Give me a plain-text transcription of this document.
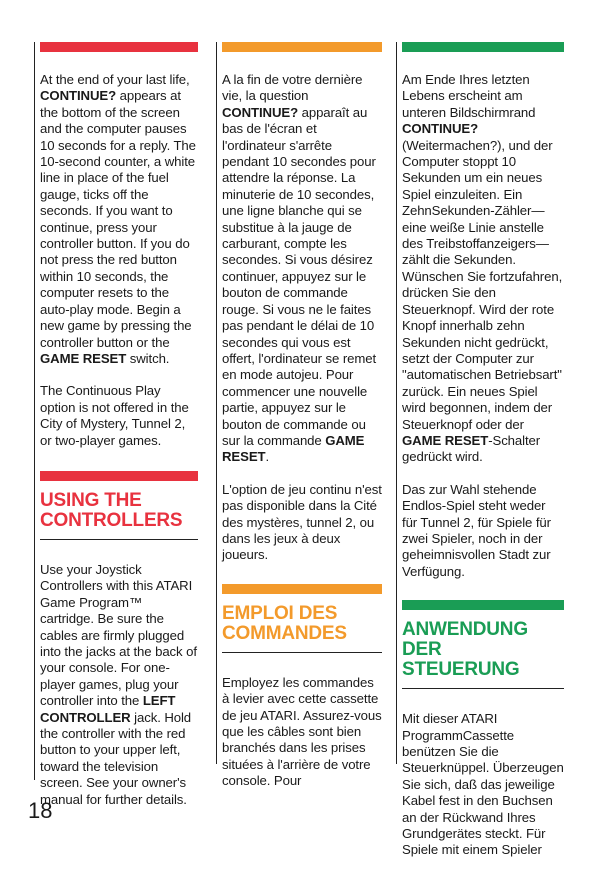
At the end of your last life, CONTINUE? appears at the bottom of the screen and the computer pauses 10 seconds for a reply. The 10-second counter, a white line in place of the fuel gauge, ticks off the seconds. If you want to continue, press your controller button. If you do not press the red button within 10 seconds, the computer resets to the auto-play mode. Begin a new game by pressing the controller button or the GAME RESET switch.

The Continuous Play option is not offered in the City of Mystery, Tunnel 2, or two-player games.

USING THE CONTROLLERS

Use your Joystick Controllers with this ATARI Game Program™ cartridge. Be sure the cables are firmly plugged into the jacks at the back of your console. For one-player games, plug your controller into the LEFT CONTROLLER jack. Hold the controller with the red button to your upper left, toward the television screen. See your owner's manual for further details.

A la fin de votre dernière vie, la question CONTINUE? apparaît au bas de l'écran et l'ordinateur s'arrête pendant 10 secondes pour attendre la réponse. La minuterie de 10 secondes, une ligne blanche qui se substitue à la jauge de carburant, compte les secondes. Si vous désirez continuer, appuyez sur le bouton de commande rouge. Si vous ne le faites pas pendant le délai de 10 secondes qui vous est offert, l'ordinateur se remet en mode autojeu. Pour commencer une nouvelle partie, appuyez sur le bouton de commande ou sur la commande GAME RESET.

L'option de jeu continu n'est pas disponible dans la Cité des mystères, tunnel 2, ou dans les jeux à deux joueurs.

EMPLOI DES COMMANDES

Employez les commandes à levier avec cette cassette de jeu ATARI. Assurez-vous que les câbles sont bien branchés dans les prises situées à l'arrière de votre console. Pour

Am Ende Ihres letzten Lebens erscheint am unteren Bildschirmrand CONTINUE? (Weitermachen?), und der Computer stoppt 10 Sekunden um ein neues Spiel einzuleiten. Ein ZehnSekunden-Zähler—eine weiße Linie anstelle des Treibstoffanzeigers—zählt die Sekunden. Wünschen Sie fortzufahren, drücken Sie den Steuerknopf. Wird der rote Knopf innerhalb zehn Sekunden nicht gedrückt, setzt der Computer zur "automatischen Betriebsart" zurück. Ein neues Spiel wird begonnen, indem der Steuerknopf oder der GAME RESET-Schalter gedrückt wird.

Das zur Wahl stehende Endlos-Spiel steht weder für Tunnel 2, für Spiele für zwei Spieler, noch in der geheimnisvollen Stadt zur Verfügung.

ANWENDUNG DER STEUERUNG

Mit dieser ATARI ProgrammCassette benützen Sie die Steuerknüppel. Überzeugen Sie sich, daß das jeweilige Kabel fest in den Buchsen an der Rückwand Ihres Grundgerätes steckt. Für Spiele mit einem Spieler

18
